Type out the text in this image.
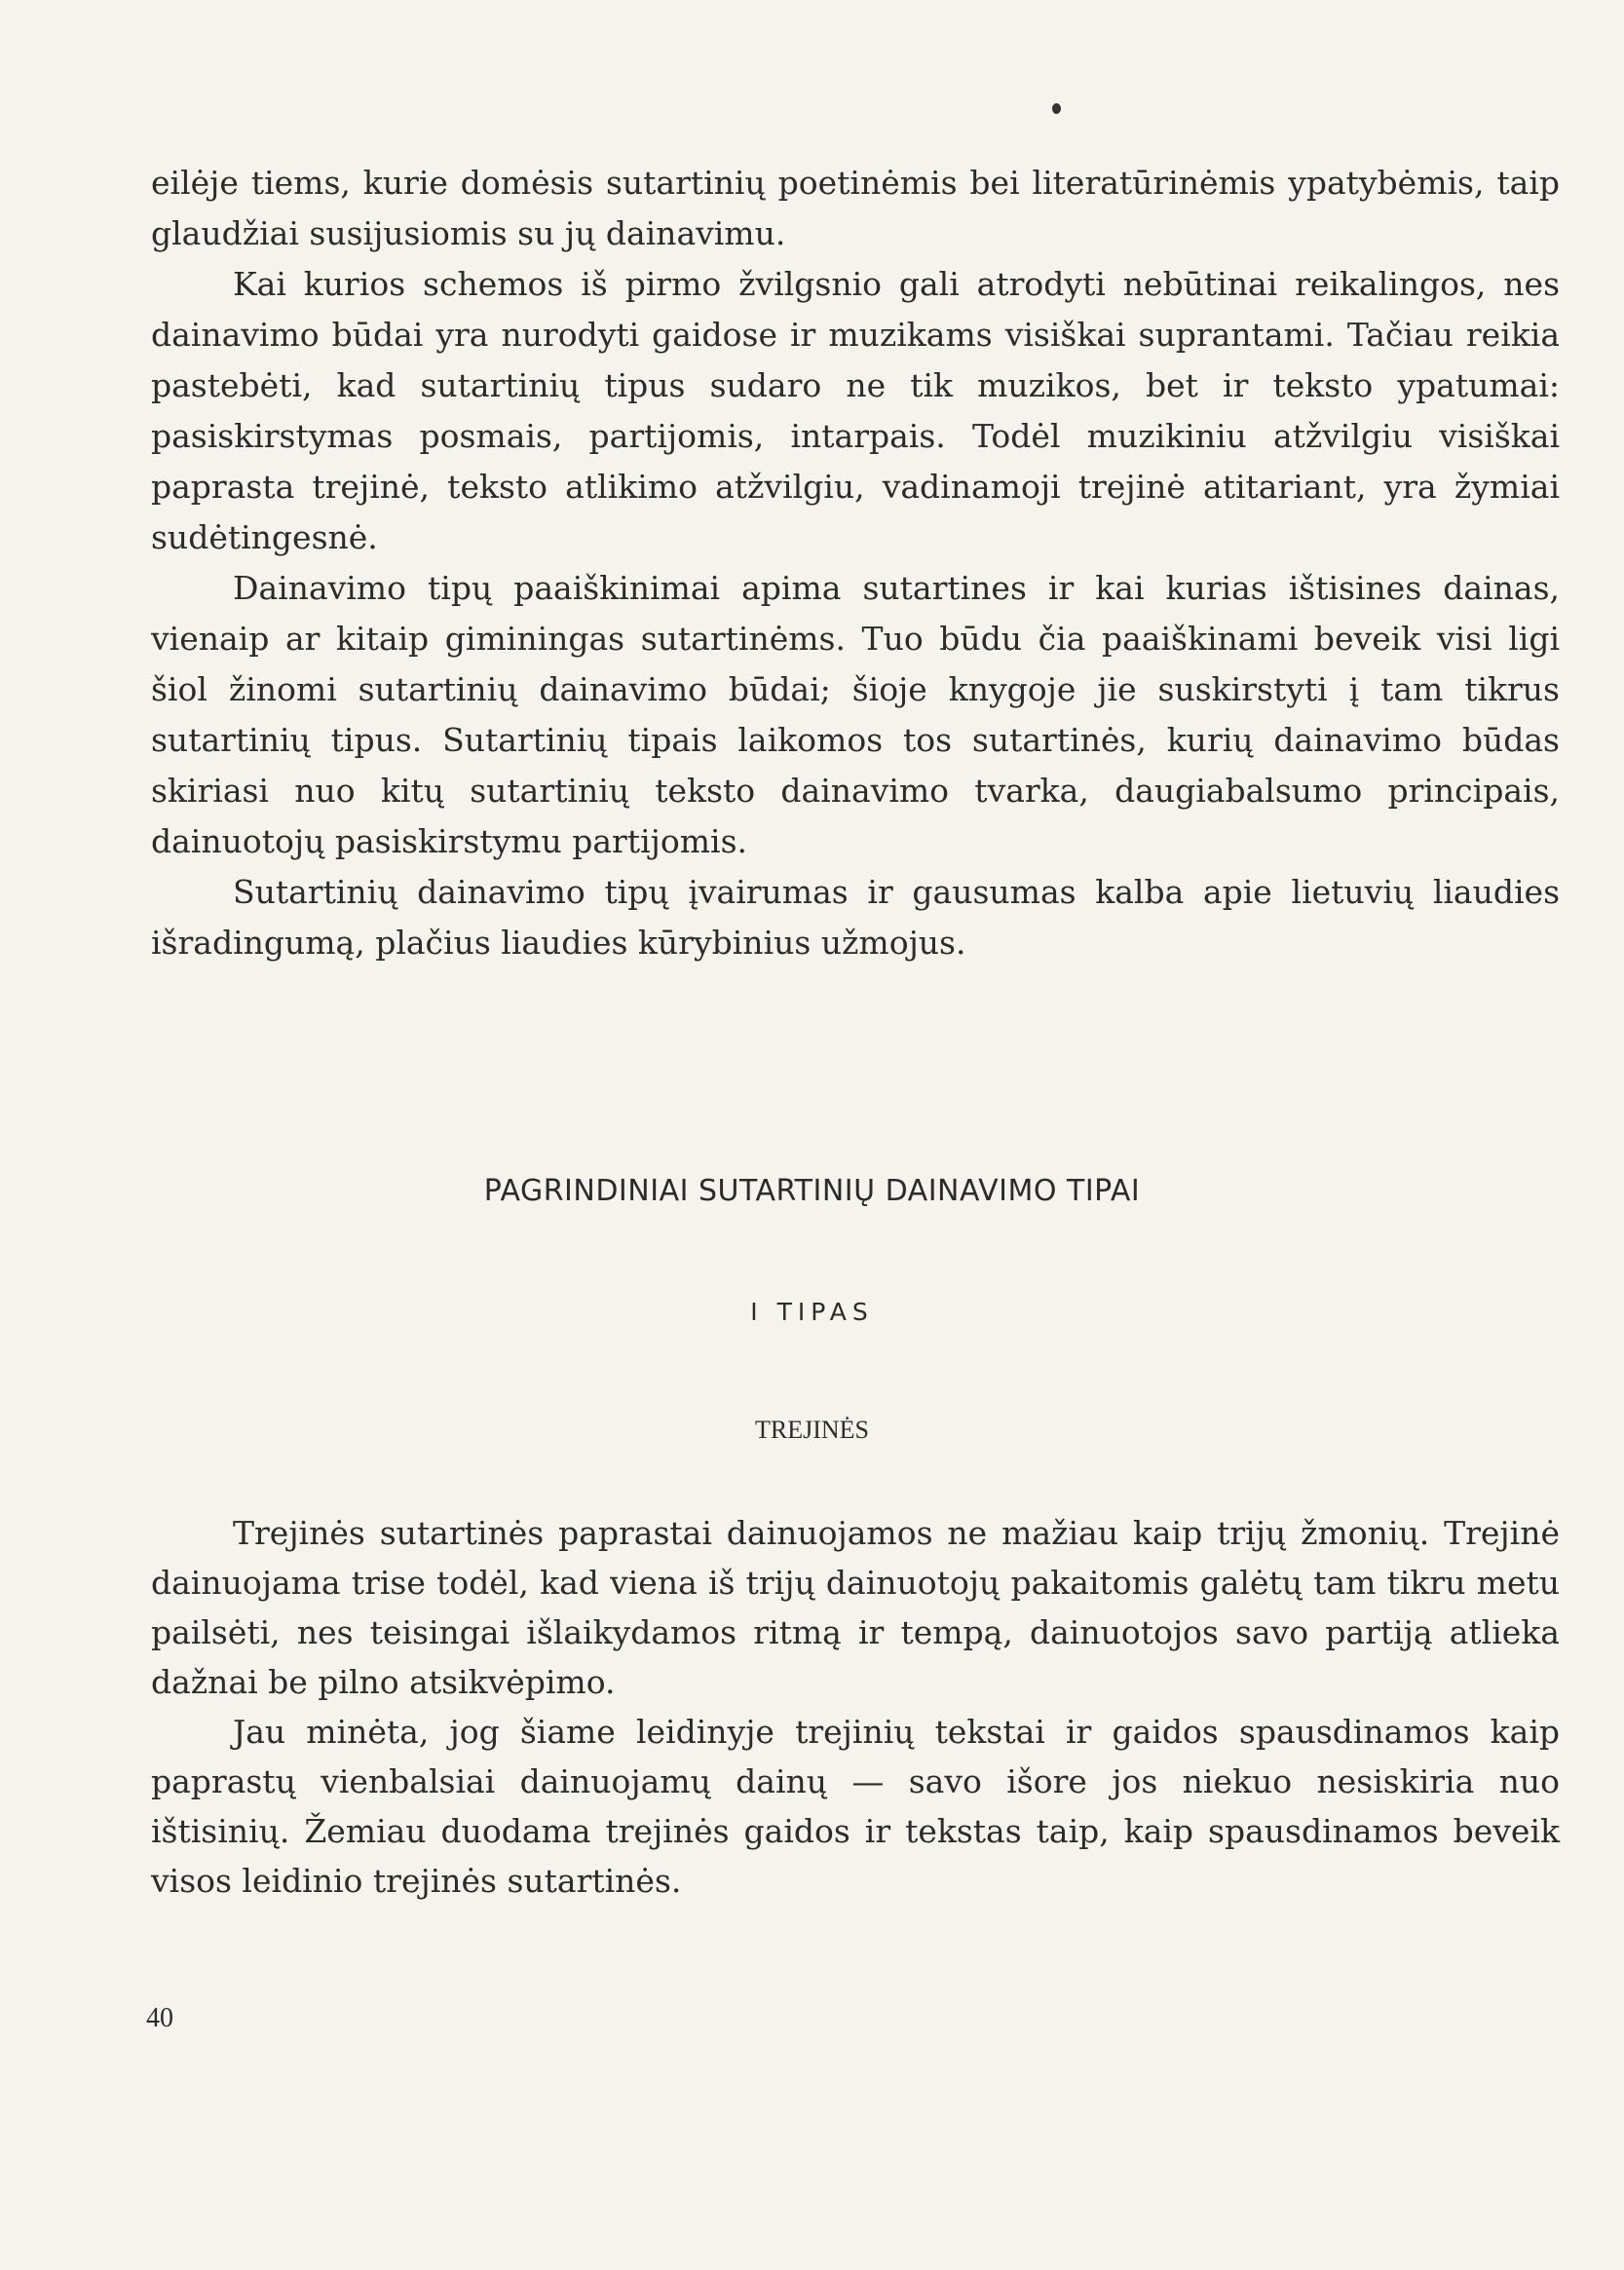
eilėje tiems, kurie domėsis sutartinių poetinėmis bei literatūrinėmis ypatybėmis, taip glaudžiai susijusiomis su jų dainavimu.

Kai kurios schemos iš pirmo žvilgsnio gali atrodyti nebūtinai reikalingos, nes dainavimo būdai yra nurodyti gaidose ir muzikams visiškai suprantami. Tačiau reikia pastebėti, kad sutartinių tipus sudaro ne tik muzikos, bet ir teksto ypatumai: pasiskirstymas posmais, partijomis, intarpais. Todėl muzikiniu atžvilgiu visiškai paprasta trejinė, teksto atlikimo atžvilgiu, vadinamoji trejinė atitariant, yra žymiai sudėtingesnė.

Dainavimo tipų paaiškinimai apima sutartines ir kai kurias ištisines dainas, vienaip ar kitaip giminingas sutartinėms. Tuo būdu čia paaiškinami beveik visi ligi šiol žinomi sutartinių dainavimo būdai; šioje knygoje jie suskirstyti į tam tikrus sutartinių tipus. Sutartinių tipais laikomos tos sutartinės, kurių dainavimo būdas skiriasi nuo kitų sutartinių teksto dainavimo tvarka, daugiabalsumo principais, dainuotojų pasiskirstymu partijomis.

Sutartinių dainavimo tipų įvairumas ir gausumas kalba apie lietuvių liaudies išradingumą, plačius liaudies kūrybinius užmojus.

PAGRINDINIAI SUTARTINIŲ DAINAVIMO TIPAI
I TIPAS
TREJINĖS

Trejinės sutartinės paprastai dainuojamos ne mažiau kaip trijų žmonių. Trejinė dainuojama trise todėl, kad viena iš trijų dainuotojų pakaitomis galėtų tam tikru metu pailsėti, nes teisingai išlaikydamos ritmą ir tempą, dainuotojos savo partiją atlieka dažnai be pilno atsikvėpimo.

Jau minėta, jog šiame leidinyje trejinių tekstai ir gaidos spausdinamos kaip paprastų vienbalsiai dainuojamų dainų — savo išore jos niekuo nesiskiria nuo ištisinių. Žemiau duodama trejinės gaidos ir tekstas taip, kaip spausdinamos beveik visos leidinio trejinės sutartinės.

40
